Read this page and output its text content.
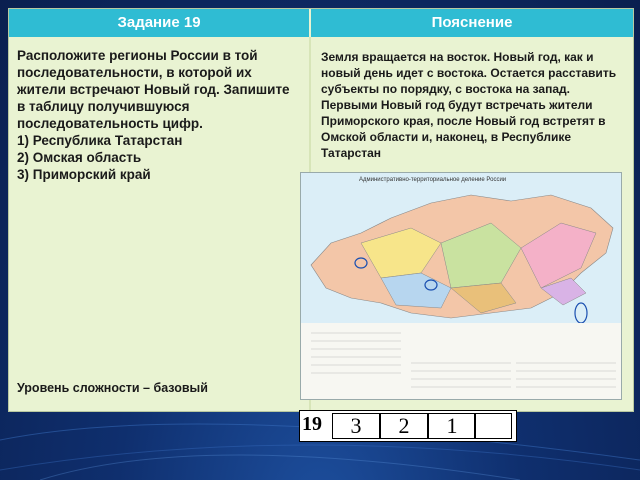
Задание 19	Пояснение
Расположите регионы России в той последовательности, в которой их жители встречают Новый год. Запишите в таблицу получившуюся последовательность цифр.
1) Республика Татарстан
2) Омская область
3) Приморский край
Уровень сложности – базовый
Земля вращается на восток. Новый год, как и новый день идет с востока. Остается расставить субъекты по порядку, с востока на запад. Первыми Новый год будут встречать жители Приморского края, после Новый год встретят в Омской области и, наконец, в Республике Татарстан
Административно-территориальное деление России
19	3	2	1
